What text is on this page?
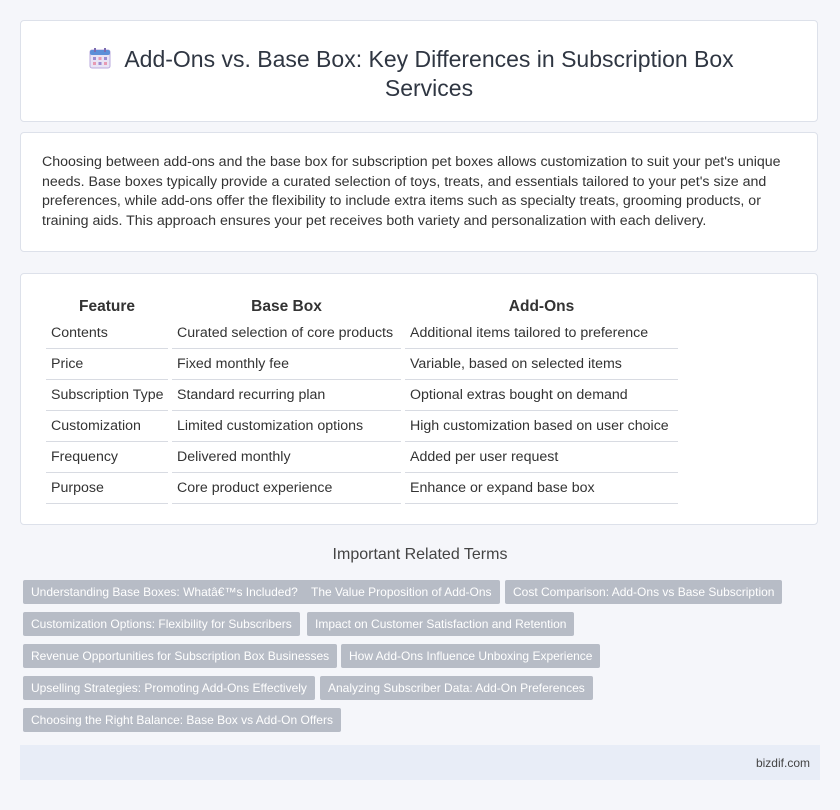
Add-Ons vs. Base Box: Key Differences in Subscription Box Services
Choosing between add-ons and the base box for subscription pet boxes allows customization to suit your pet's unique needs. Base boxes typically provide a curated selection of toys, treats, and essentials tailored to your pet's size and preferences, while add-ons offer the flexibility to include extra items such as specialty treats, grooming products, or training aids. This approach ensures your pet receives both variety and personalization with each delivery.
Feature	Base Box	Add-Ons
Contents	Curated selection of core products	Additional items tailored to preference
Price	Fixed monthly fee	Variable, based on selected items
Subscription Type	Standard recurring plan	Optional extras bought on demand
Customization	Limited customization options	High customization based on user choice
Frequency	Delivered monthly	Added per user request
Purpose	Core product experience	Enhance or expand base box
Important Related Terms
Understanding Base Boxes: Whatâ€™s Included?	The Value Proposition of Add-Ons	Cost Comparison: Add-Ons vs Base Subscription
Customization Options: Flexibility for Subscribers	Impact on Customer Satisfaction and Retention
Revenue Opportunities for Subscription Box Businesses	How Add-Ons Influence Unboxing Experience
Upselling Strategies: Promoting Add-Ons Effectively	Analyzing Subscriber Data: Add-On Preferences
Choosing the Right Balance: Base Box vs Add-On Offers
bizdif.com
